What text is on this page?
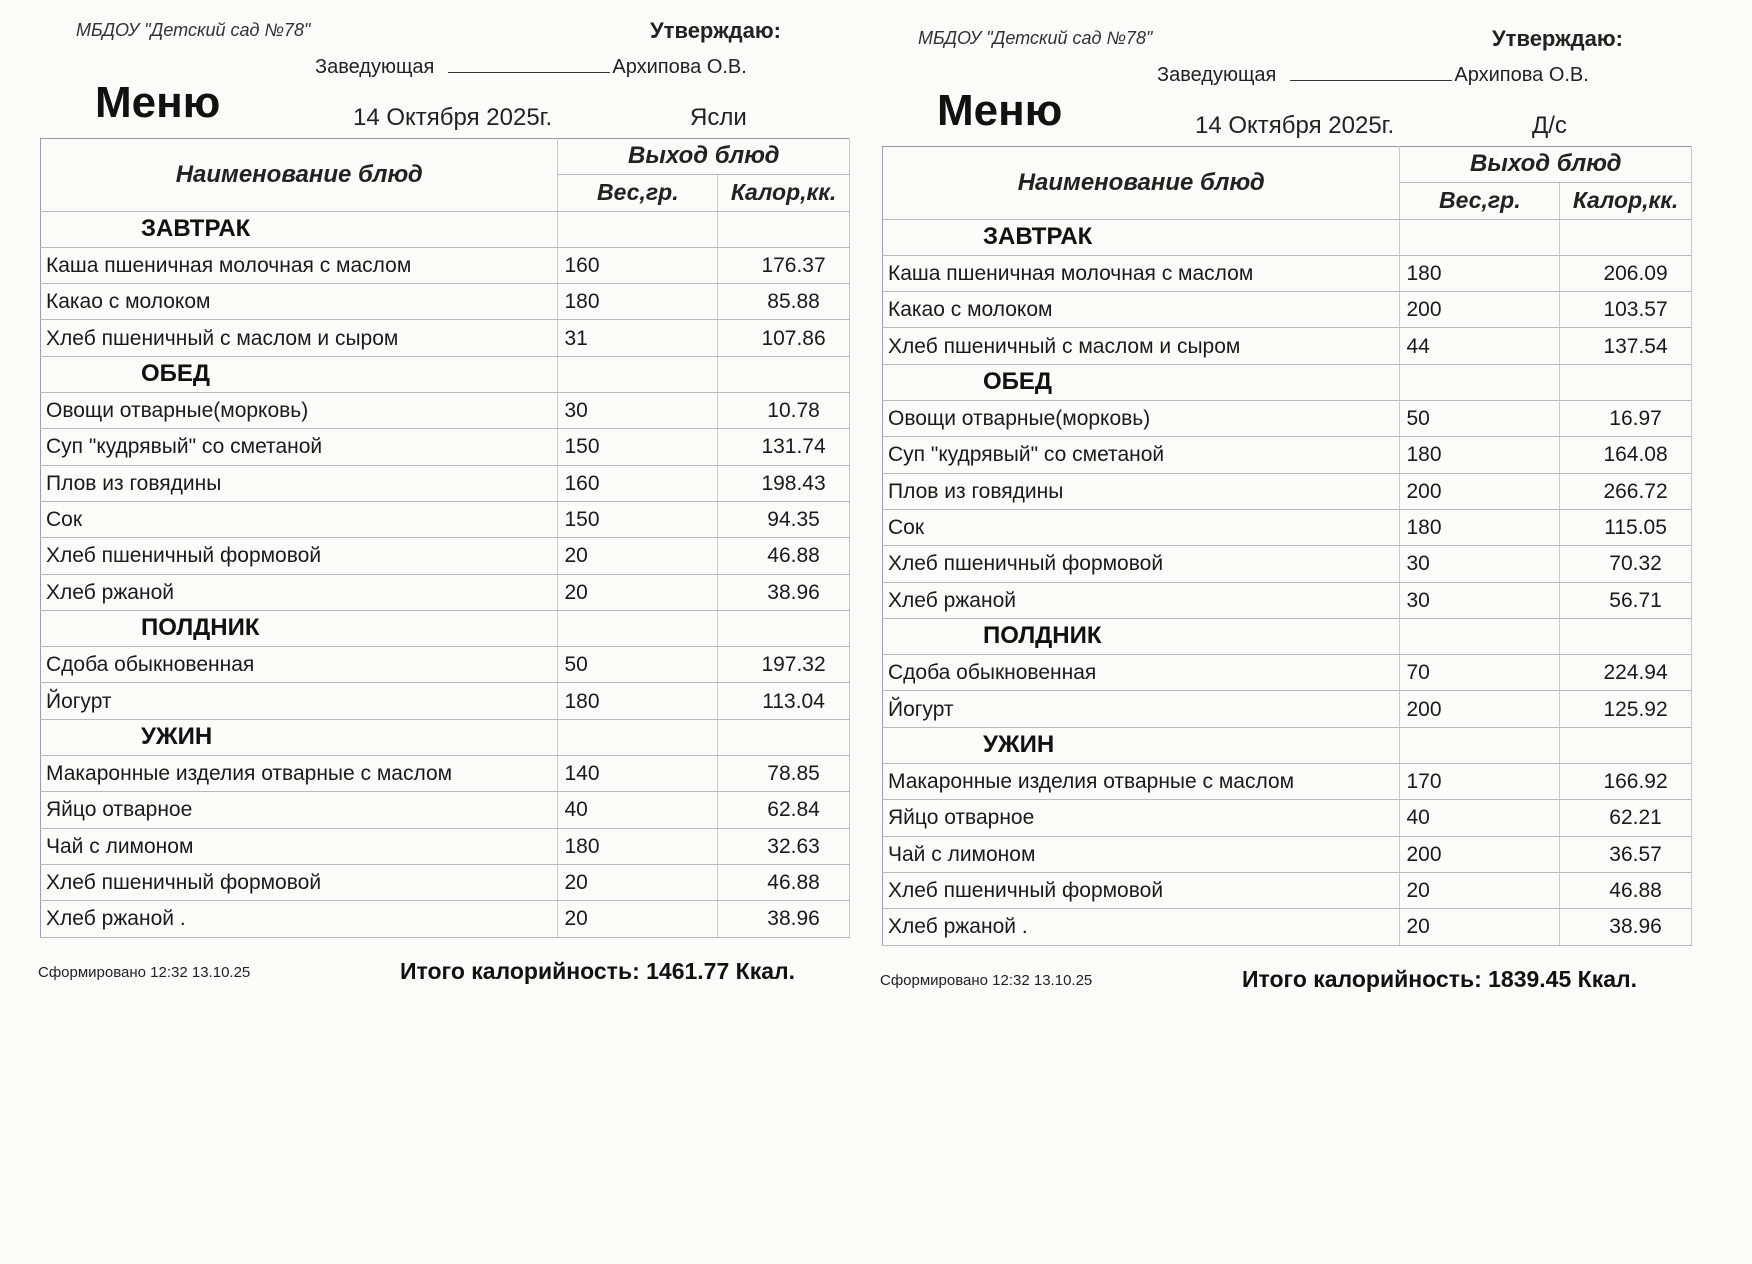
МБДОУ "Детский сад №78"	Утверждаю:
Заведующая	Архипова О.В.
Меню	14 Октября 2025г.	Ясли
Наименование блюд	Выход блюд	
	Вес,гр.	Калор,кк.
ЗАВТРАК		
Каша пшеничная молочная с маслом	160	176.37
Какао с молоком	180	85.88
Хлеб пшеничный с маслом и сыром	31	107.86
ОБЕД		
Овощи отварные(морковь)	30	10.78
Суп "кудрявый" со сметаной	150	131.74
Плов из говядины	160	198.43
Сок	150	94.35
Хлеб пшеничный формовой	20	46.88
Хлеб ржаной	20	38.96
ПОЛДНИК		
Сдоба обыкновенная	50	197.32
Йогурт	180	113.04
УЖИН		
Макаронные изделия отварные с маслом	140	78.85
Яйцо отварное	40	62.84
Чай с лимоном	180	32.63
Хлеб пшеничный формовой	20	46.88
Хлеб ржаной .	20	38.96
Сформировано 12:32 13.10.25	Итого калорийность: 1461.77 Ккал.
МБДОУ "Детский сад №78"	Утверждаю:
Заведующая	Архипова О.В.
Меню	14 Октября 2025г.	Д/с
Наименование блюд	Выход блюд	
	Вес,гр.	Калор,кк.
ЗАВТРАК		
Каша пшеничная молочная с маслом	180	206.09
Какао с молоком	200	103.57
Хлеб пшеничный с маслом и сыром	44	137.54
ОБЕД		
Овощи отварные(морковь)	50	16.97
Суп "кудрявый" со сметаной	180	164.08
Плов из говядины	200	266.72
Сок	180	115.05
Хлеб пшеничный формовой	30	70.32
Хлеб ржаной	30	56.71
ПОЛДНИК		
Сдоба обыкновенная	70	224.94
Йогурт	200	125.92
УЖИН		
Макаронные изделия отварные с маслом	170	166.92
Яйцо отварное	40	62.21
Чай с лимоном	200	36.57
Хлеб пшеничный формовой	20	46.88
Хлеб ржаной .	20	38.96
Сформировано 12:32 13.10.25	Итого калорийность: 1839.45 Ккал.
